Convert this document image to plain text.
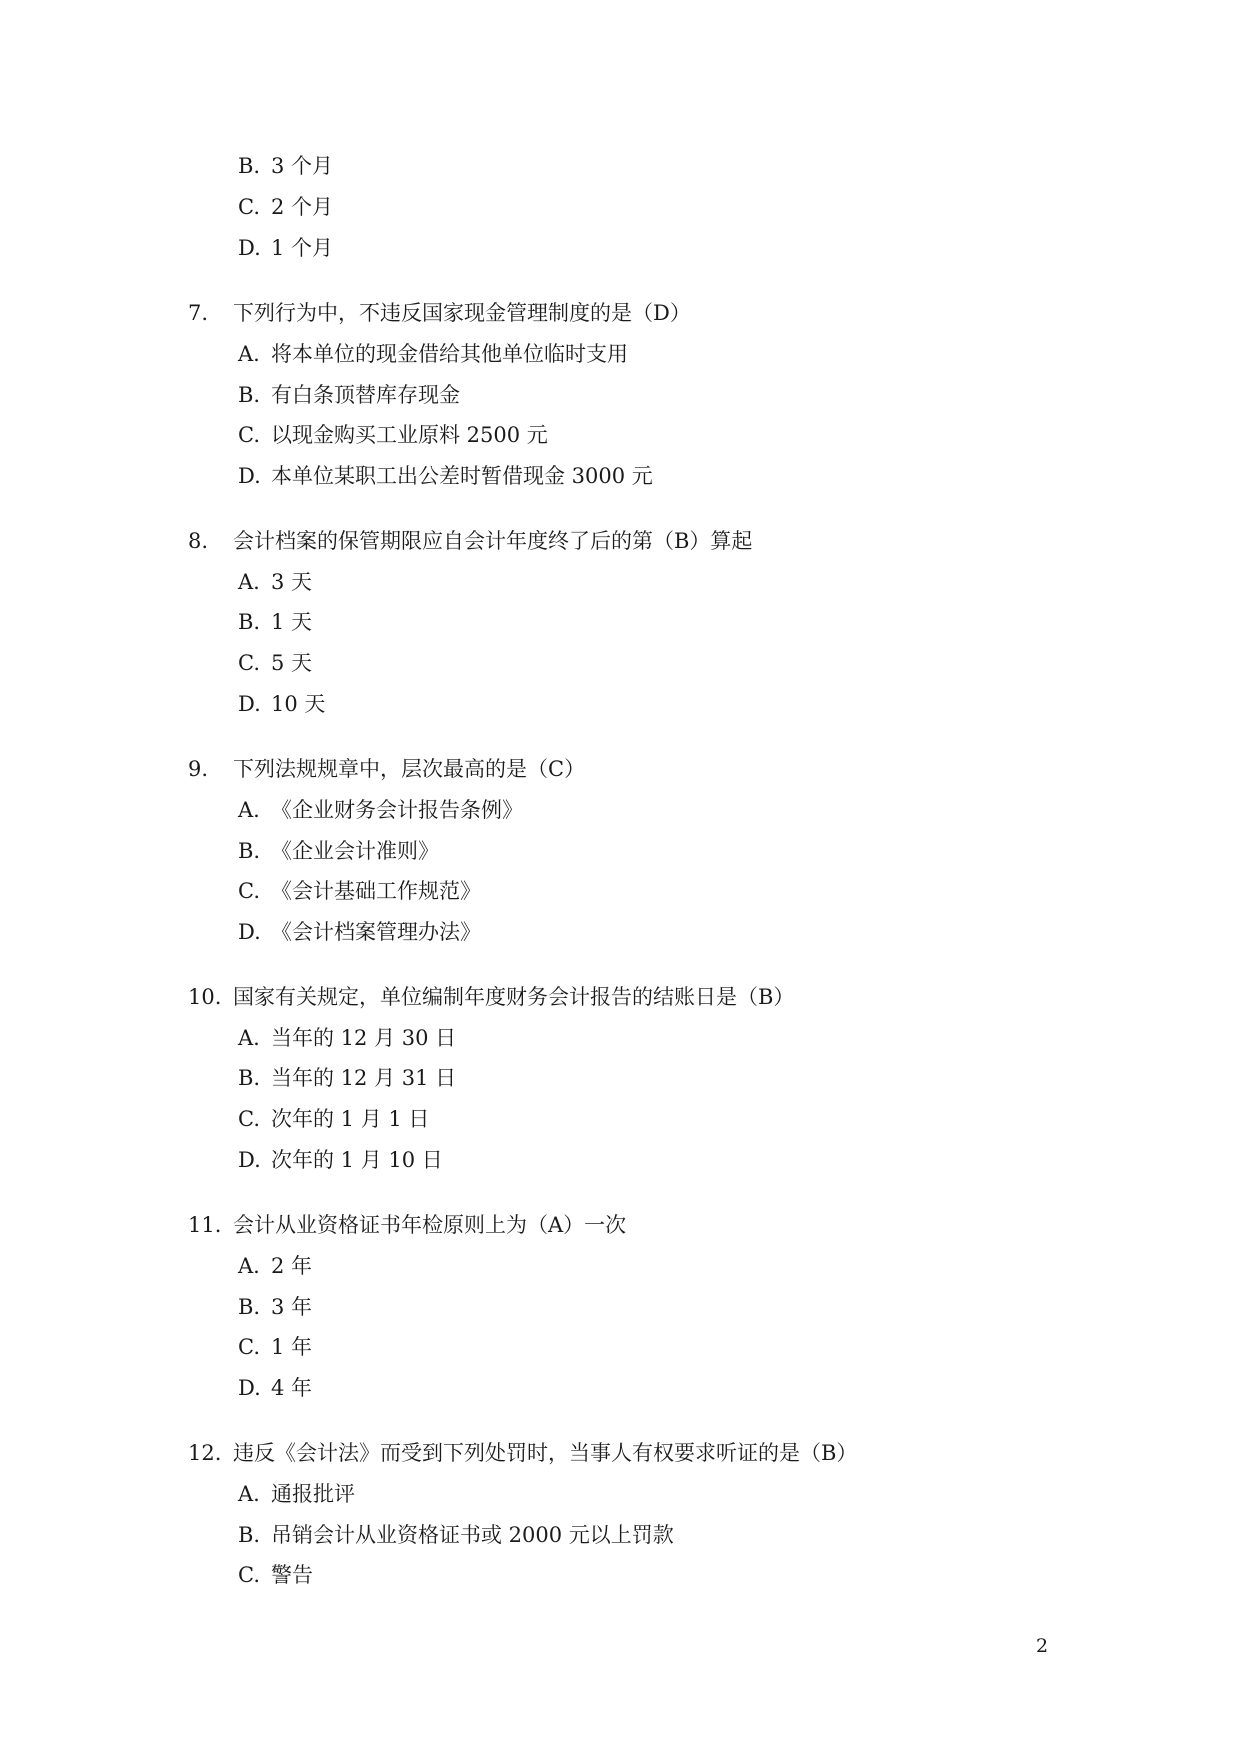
B. 3 个月
C. 2 个月
D. 1 个月
7. 下列行为中，不违反国家现金管理制度的是（D）
A. 将本单位的现金借给其他单位临时支用
B. 有白条顶替库存现金
C. 以现金购买工业原料 2500 元
D. 本单位某职工出公差时暂借现金 3000 元
8. 会计档案的保管期限应自会计年度终了后的第（B）算起
A. 3 天
B. 1 天
C. 5 天
D. 10 天
9. 下列法规规章中，层次最高的是（C）
A. 《企业财务会计报告条例》
B. 《企业会计准则》
C. 《会计基础工作规范》
D. 《会计档案管理办法》
10. 国家有关规定，单位编制年度财务会计报告的结账日是（B）
A. 当年的 12 月 30 日
B. 当年的 12 月 31 日
C. 次年的 1 月 1 日
D. 次年的 1 月 10 日
11. 会计从业资格证书年检原则上为（A）一次
A. 2 年
B. 3 年
C. 1 年
D. 4 年
12. 违反《会计法》而受到下列处罚时，当事人有权要求听证的是（B）
A. 通报批评
B. 吊销会计从业资格证书或 2000 元以上罚款
C. 警告
2
